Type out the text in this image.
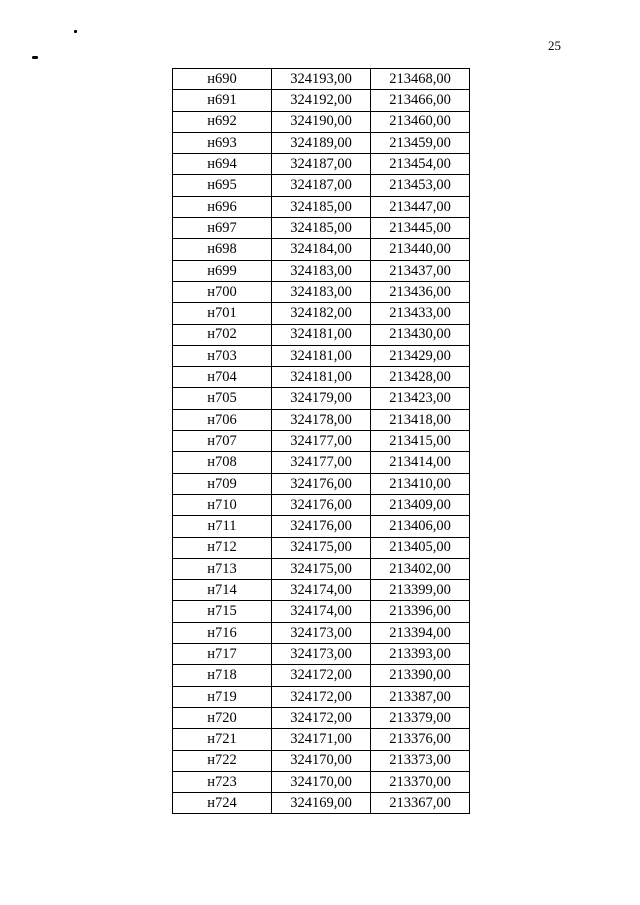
25
н690	324193,00	213468,00
н691	324192,00	213466,00
н692	324190,00	213460,00
н693	324189,00	213459,00
н694	324187,00	213454,00
н695	324187,00	213453,00
н696	324185,00	213447,00
н697	324185,00	213445,00
н698	324184,00	213440,00
н699	324183,00	213437,00
н700	324183,00	213436,00
н701	324182,00	213433,00
н702	324181,00	213430,00
н703	324181,00	213429,00
н704	324181,00	213428,00
н705	324179,00	213423,00
н706	324178,00	213418,00
н707	324177,00	213415,00
н708	324177,00	213414,00
н709	324176,00	213410,00
н710	324176,00	213409,00
н711	324176,00	213406,00
н712	324175,00	213405,00
н713	324175,00	213402,00
н714	324174,00	213399,00
н715	324174,00	213396,00
н716	324173,00	213394,00
н717	324173,00	213393,00
н718	324172,00	213390,00
н719	324172,00	213387,00
н720	324172,00	213379,00
н721	324171,00	213376,00
н722	324170,00	213373,00
н723	324170,00	213370,00
н724	324169,00	213367,00
